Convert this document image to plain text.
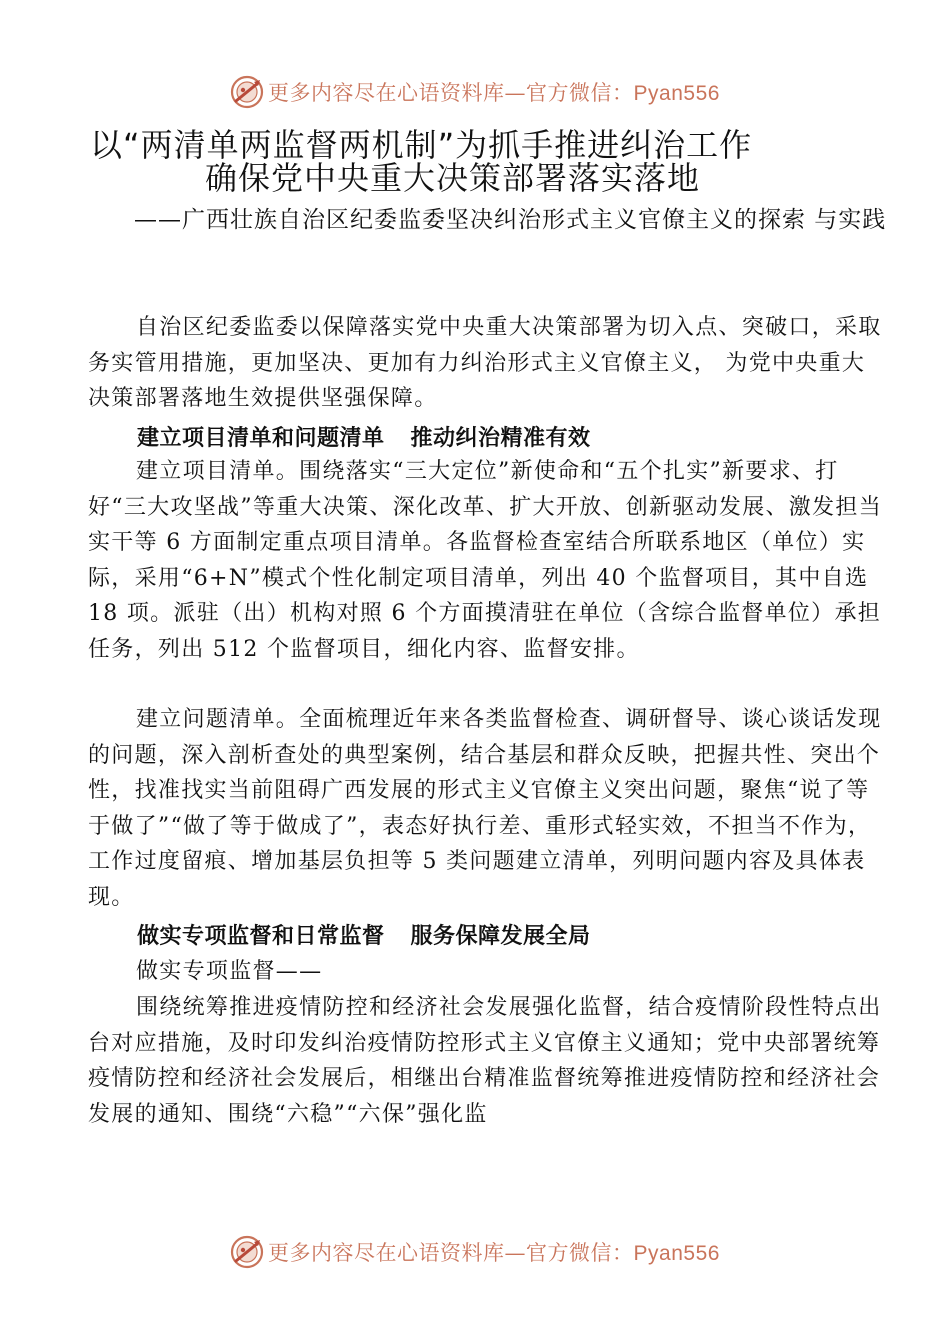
更多内容尽在心语资料库—官方微信：Pyan556
以“两清单两监督两机制”为抓手推进纠治工作
确保党中央重大决策部署落实落地
——广西壮族自治区纪委监委坚决纠治形式主义官僚主义的探索 与实践
自治区纪委监委以保障落实党中央重大决策部署为切入点、突破口，采取务实管用措施，更加坚决、更加有力纠治形式主义官僚主义， 为党中央重大决策部署落地生效提供坚强保障。
建立项目清单和问题清单 推动纠治精准有效
建立项目清单。围绕落实“三大定位”新使命和“五个扎实”新要求、打好“三大攻坚战”等重大决策、深化改革、扩大开放、创新驱动发展、激发担当实干等 6 方面制定重点项目清单。各监督检查室结合所联系地区（单位）实际，采用“6+N”模式个性化制定项目清单，列出 40 个监督项目，其中自选 18 项。派驻（出）机构对照 6 个方面摸清驻在单位（含综合监督单位）承担任务，列出 512 个监督项目，细化内容、监督安排。
建立问题清单。全面梳理近年来各类监督检查、调研督导、谈心谈话发现的问题，深入剖析查处的典型案例，结合基层和群众反映，把握共性、突出个性，找准找实当前阻碍广西发展的形式主义官僚主义突出问题，聚焦“说了等于做了”“做了等于做成了”，表态好执行差、重形式轻实效，不担当不作为，工作过度留痕、增加基层负担等 5 类问题建立清单，列明问题内容及具体表现。
做实专项监督和日常监督 服务保障发展全局
做实专项监督——
围绕统筹推进疫情防控和经济社会发展强化监督，结合疫情阶段性特点出台对应措施，及时印发纠治疫情防控形式主义官僚主义通知；党中央部署统筹疫情防控和经济社会发展后，相继出台精准监督统筹推进疫情防控和经济社会发展的通知、围绕“六稳”“六保”强化监
更多内容尽在心语资料库—官方微信：Pyan556
